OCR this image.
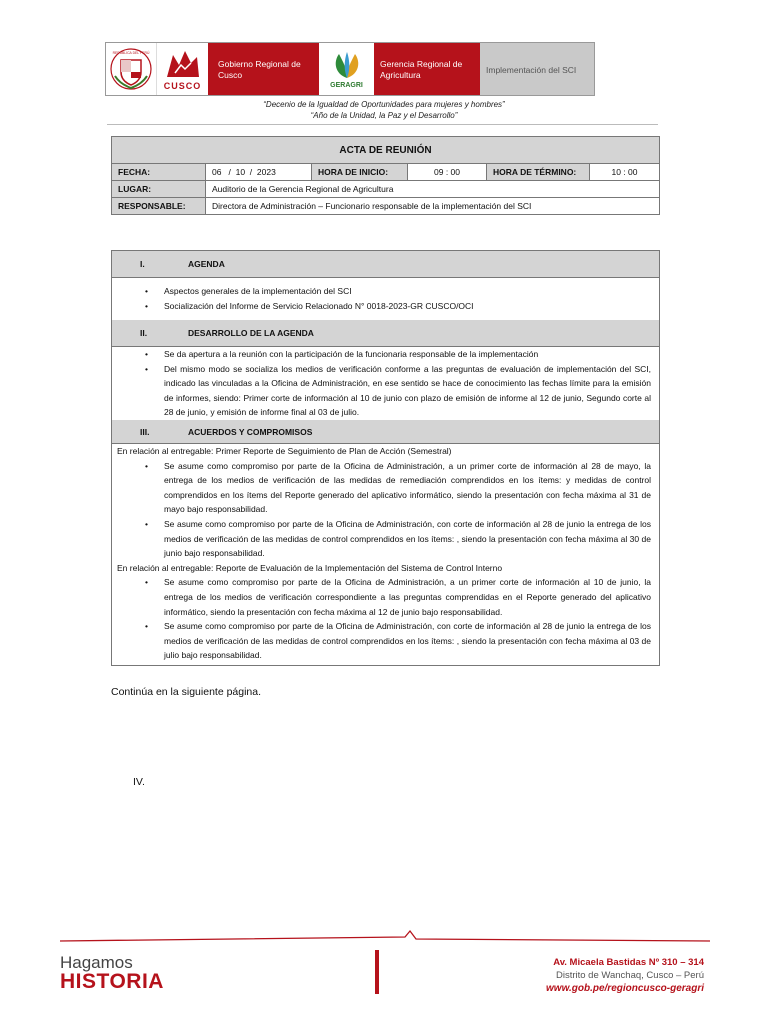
REPÚBLICA DEL PERÚ
CUSCO
Gobierno Regional de Cusco
GERAGRI
Gerencia Regional de Agricultura	Implementación del SCI
“Decenio de la Igualdad de Oportunidades para mujeres y hombres”
“Año de la Unidad, la Paz y el Desarrollo”
ACTA DE REUNIÓN					
FECHA:	06   /  10  /  2023	HORA DE INICIO:	09 : 00	HORA DE TÉRMINO:	10 : 00
LUGAR:	Auditorio de la Gerencia Regional de Agricultura				
RESPONSABLE:	Directora de Administración – Funcionario responsable de la implementación del SCI				
I.	AGENDA
• Aspectos generales de la implementación del SCI
• Socialización del Informe de Servicio Relacionado N° 0018-2023-GR CUSCO/OCI
II.	DESARROLLO DE LA AGENDA
• Se da apertura a la reunión con la participación de la funcionaria responsable de la implementación
• Del mismo modo se socializa los medios de verificación conforme a las preguntas de evaluación de implementación del SCI, indicado las vinculadas a la Oficina de Administración, en ese sentido se hace de conocimiento las fechas límite para la emisión de informes, siendo: Primer corte de información al 10 de junio con plazo de emisión de informe al 12 de junio, Segundo corte al 28 de junio, y emisión de informe final al 03 de julio.
III.	ACUERDOS Y COMPROMISOS
En relación al entregable: Primer Reporte de Seguimiento de Plan de Acción (Semestral)
• Se asume como compromiso por parte de la Oficina de Administración, a un primer corte de información al 28 de mayo, la entrega de los medios de verificación de las medidas de remediación comprendidos en los ítems: y medidas de control comprendidos en los ítems del Reporte generado del aplicativo informático, siendo la presentación con fecha máxima al 31 de mayo bajo responsabilidad.
• Se asume como compromiso por parte de la Oficina de Administración, con corte de información al 28 de junio la entrega de los medios de verificación de las medidas de control comprendidos en los ítems: , siendo la presentación con fecha máxima al 30 de junio bajo responsabilidad.
En relación al entregable: Reporte de Evaluación de la Implementación del Sistema de Control Interno
• Se asume como compromiso por parte de la Oficina de Administración, a un primer corte de información al 10 de junio, la entrega de los medios de verificación correspondiente a las preguntas comprendidas en el Reporte generado del aplicativo informático, siendo la presentación con fecha máxima al 12 de junio bajo responsabilidad.
• Se asume como compromiso por parte de la Oficina de Administración, con corte de información al 28 de junio la entrega de los medios de verificación de las medidas de control comprendidos en los ítems: , siendo la presentación con fecha máxima al 03 de julio bajo responsabilidad.
Continúa en la siguiente página.
IV.
Hagamos
HISTORIA
Av. Micaela Bastidas Nº 310 – 314
Distrito de Wanchaq, Cusco – Perú
www.gob.pe/regioncusco-geragri
